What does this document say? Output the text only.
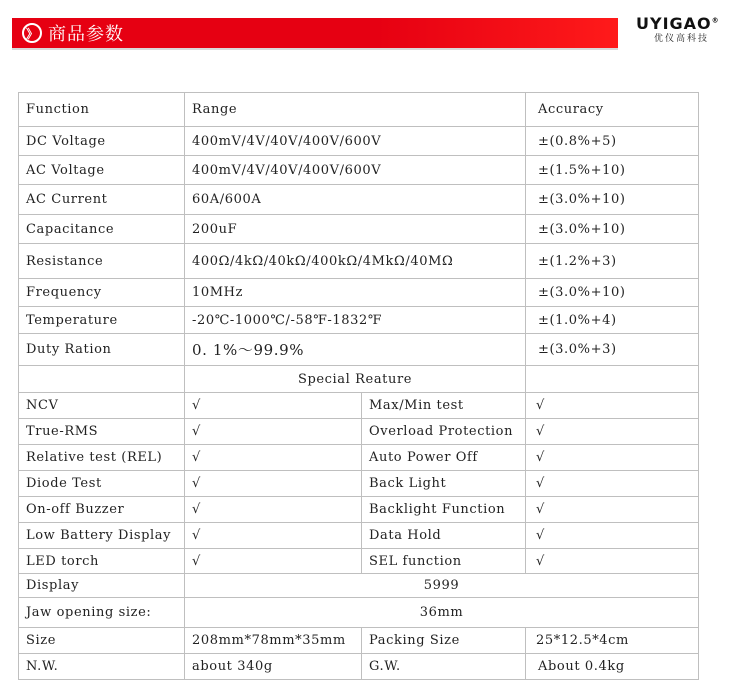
》 商品参数
UYIGAO®
优仪高科技
Function	Range		Accuracy
DC Voltage	400mV/4V/40V/400V/600V		±(0.8%+5)
AC Voltage	400mV/4V/40V/400V/600V		±(1.5%+10)
AC Current	60A/600A		±(3.0%+10)
Capacitance	200uF		±(3.0%+10)
Resistance	400Ω/4kΩ/40kΩ/400kΩ/4MkΩ/40MΩ		±(1.2%+3)
Frequency	10MHz		±(3.0%+10)
Temperature	-20℃-1000℃/-58℉-1832℉		±(1.0%+4)
Duty Ration	0. 1%～99.9%		±(3.0%+3)
	Special Reature		
NCV	√	Max/Min test	√
True-RMS	√	Overload Protection	√
Relative test (REL)	√	Auto Power Off	√
Diode Test	√	Back Light	√
On-off Buzzer	√	Backlight Function	√
Low Battery Display	√	Data Hold	√
LED torch	√	SEL function	√
Display	5999		
Jaw opening size:	36mm		
Size	208mm*78mm*35mm	Packing Size	25*12.5*4cm
N.W.	about 340g	G.W.	About 0.4kg
